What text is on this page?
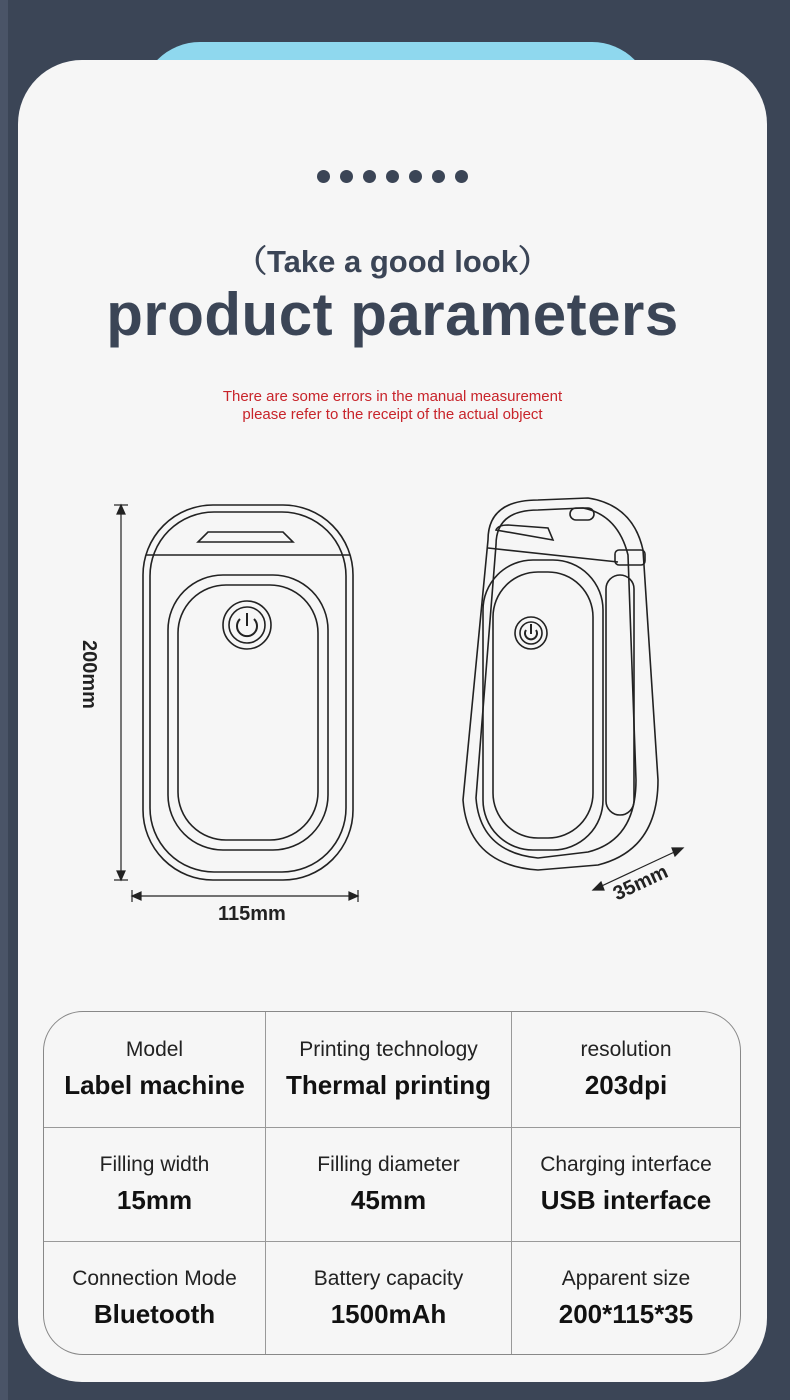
（Take a good look）
product parameters
There are some errors in the manual measurement
please refer to the receipt of the actual object
115mm
200mm
35mm
Model
Label machine
Printing technology
Thermal printing
resolution
203dpi
Filling width
15mm
Filling diameter
45mm
Charging interface
USB interface
Connection Mode
Bluetooth
Battery capacity
1500mAh
Apparent size
200*115*35
